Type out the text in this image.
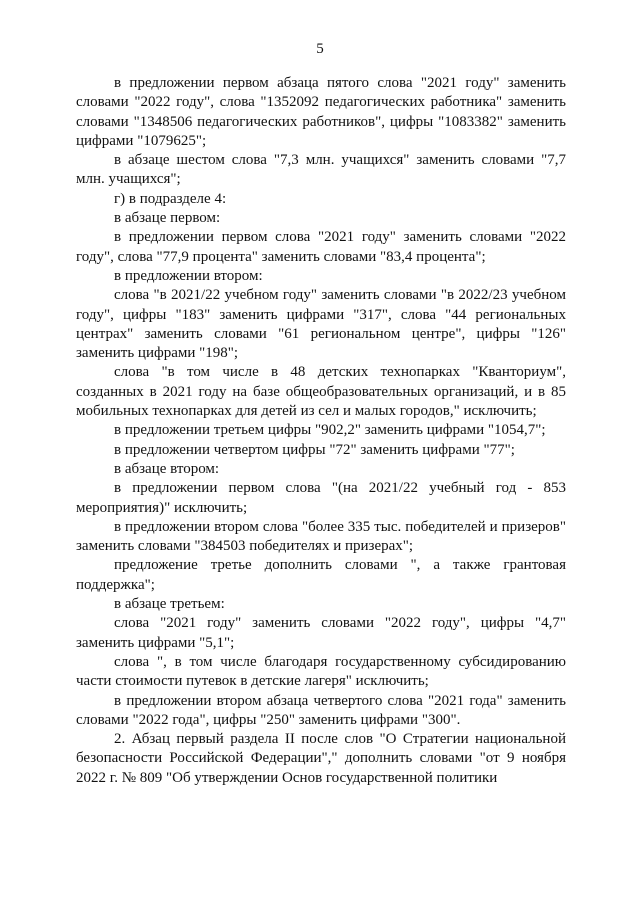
5

в предложении первом абзаца пятого слова "2021 году" заменить словами "2022 году", слова "1352092 педагогических работника" заменить словами "1348506 педагогических работников", цифры "1083382" заменить цифрами "1079625";

в абзаце шестом слова "7,3 млн. учащихся" заменить словами "7,7 млн. учащихся";

г) в подразделе 4:

в абзаце первом:

в предложении первом слова "2021 году" заменить словами "2022 году", слова "77,9 процента" заменить словами "83,4 процента";

в предложении втором:

слова "в 2021/22 учебном году" заменить словами "в 2022/23 учебном году", цифры "183" заменить цифрами "317", слова "44 региональных центрах" заменить словами "61 региональном центре", цифры "126" заменить цифрами "198";

слова "в том числе в 48 детских технопарках "Кванториум", созданных в 2021 году на базе общеобразовательных организаций, и в 85 мобильных технопарках для детей из сел и малых городов," исключить;

в предложении третьем цифры "902,2" заменить цифрами "1054,7";

в предложении четвертом цифры "72" заменить цифрами "77";

в абзаце втором:

в предложении первом слова "(на 2021/22 учебный год - 853 мероприятия)" исключить;

в предложении втором слова "более 335 тыс. победителей и призеров" заменить словами "384503 победителях и призерах";

предложение третье дополнить словами ", а также грантовая поддержка";

в абзаце третьем:

слова "2021 году" заменить словами "2022 году", цифры "4,7" заменить цифрами "5,1";

слова ", в том числе благодаря государственному субсидированию части стоимости путевок в детские лагеря" исключить;

в предложении втором абзаца четвертого слова "2021 года" заменить словами "2022 года", цифры "250" заменить цифрами "300".

2. Абзац первый раздела II после слов "О Стратегии национальной безопасности Российской Федерации"," дополнить словами "от 9 ноября 2022 г. № 809 "Об утверждении Основ государственной политики
